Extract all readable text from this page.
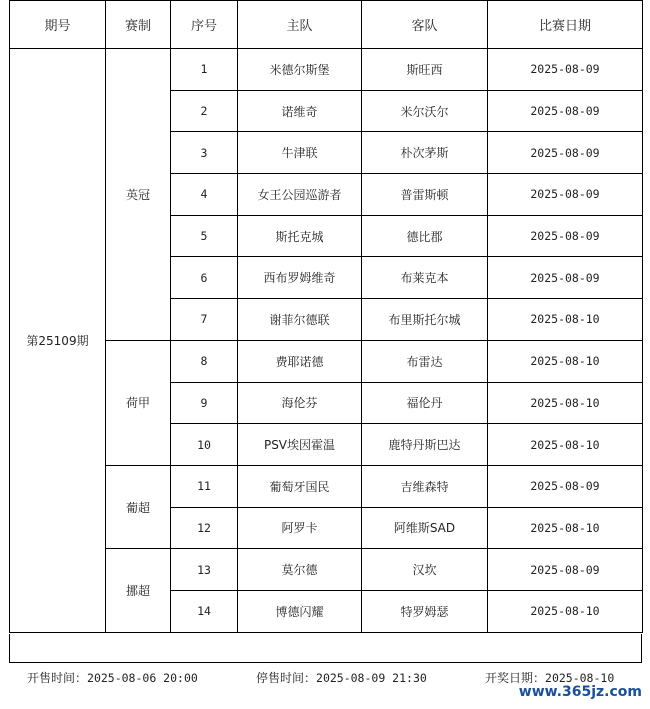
期号	赛制	序号	主队	客队	比赛日期
第25109期	英冠	1	米德尔斯堡	斯旺西	2025-08-09
		2	诺维奇	米尔沃尔	2025-08-09
		3	牛津联	朴次茅斯	2025-08-09
		4	女王公园巡游者	普雷斯顿	2025-08-09
		5	斯托克城	德比郡	2025-08-09
		6	西布罗姆维奇	布莱克本	2025-08-09
		7	谢菲尔德联	布里斯托尔城	2025-08-10
	荷甲	8	费耶诺德	布雷达	2025-08-10
		9	海伦芬	福伦丹	2025-08-10
		10	PSV埃因霍温	鹿特丹斯巴达	2025-08-10
	葡超	11	葡萄牙国民	吉维森特	2025-08-09
		12	阿罗卡	阿维斯SAD	2025-08-10
	挪超	13	莫尔德	汉坎	2025-08-09
		14	博德闪耀	特罗姆瑟	2025-08-10
开售时间：2025-08-06 20:00	停售时间：2025-08-09 21:30	开奖日期：2025-08-10
www.365jz.com
